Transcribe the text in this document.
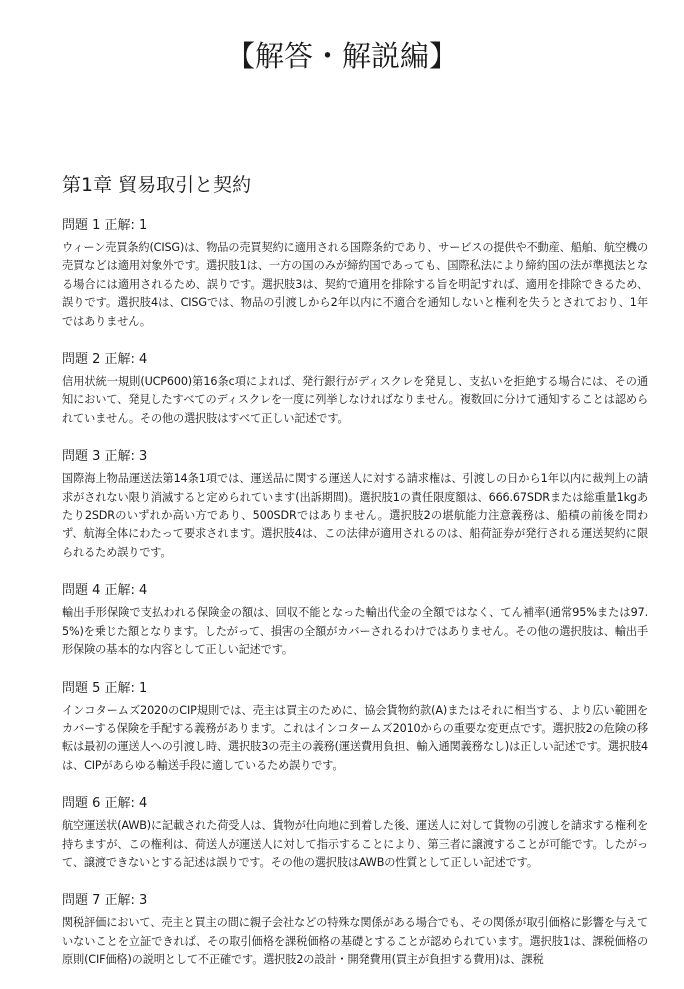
【解答・解説編】
第1章 貿易取引と契約
問題 1 正解: 1

ウィーン売買条約(CISG)は、物品の売買契約に適用される国際条約であり、サービスの提供や不動産、船舶、航空機の売買などは適用対象外です。選択肢1は、一方の国のみが締約国であっても、国際私法により締約国の法が準拠法となる場合には適用されるため、誤りです。選択肢3は、契約で適用を排除する旨を明記すれば、適用を排除できるため、誤りです。選択肢4は、CISGでは、物品の引渡しから2年以内に不適合を通知しないと権利を失うとされており、1年ではありません。

問題 2 正解: 4

信用状統一規則(UCP600)第16条c項によれば、発行銀行がディスクレを発見し、支払いを拒絶する場合には、その通知において、発見したすべてのディスクレを一度に列挙しなければなりません。複数回に分けて通知することは認められていません。その他の選択肢はすべて正しい記述です。

問題 3 正解: 3

国際海上物品運送法第14条1項では、運送品に関する運送人に対する請求権は、引渡しの日から1年以内に裁判上の請求がされない限り消滅すると定められています(出訴期間)。選択肢1の責任限度額は、666.67SDRまたは総重量1kgあたり2SDRのいずれか高い方であり、500SDRではありません。選択肢2の堪航能力注意義務は、船積の前後を問わず、航海全体にわたって要求されます。選択肢4は、この法律が適用されるのは、船荷証券が発行される運送契約に限られるため誤りです。

問題 4 正解: 4

輸出手形保険で支払われる保険金の額は、回収不能となった輸出代金の全額ではなく、てん補率(通常95%または97.5%)を乗じた額となります。したがって、損害の全額がカバーされるわけではありません。その他の選択肢は、輸出手形保険の基本的な内容として正しい記述です。

問題 5 正解: 1

インコタームズ2020のCIP規則では、売主は買主のために、協会貨物約款(A)またはそれに相当する、より広い範囲をカバーする保険を手配する義務があります。これはインコタームズ2010からの重要な変更点です。選択肢2の危険の移転は最初の運送人への引渡し時、選択肢3の売主の義務(運送費用負担、輸入通関義務なし)は正しい記述です。選択肢4は、CIPがあらゆる輸送手段に適しているため誤りです。

問題 6 正解: 4

航空運送状(AWB)に記載された荷受人は、貨物が仕向地に到着した後、運送人に対して貨物の引渡しを請求する権利を持ちますが、この権利は、荷送人が運送人に対して指示することにより、第三者に譲渡することが可能です。したがって、譲渡できないとする記述は誤りです。その他の選択肢はAWBの性質として正しい記述です。

問題 7 正解: 3

関税評価において、売主と買主の間に親子会社などの特殊な関係がある場合でも、その関係が取引価格に影響を与えていないことを立証できれば、その取引価格を課税価格の基礎とすることが認められています。選択肢1は、課税価格の原則(CIF価格)の説明として不正確です。選択肢2の設計・開発費用(買主が負担する費用)は、課税
